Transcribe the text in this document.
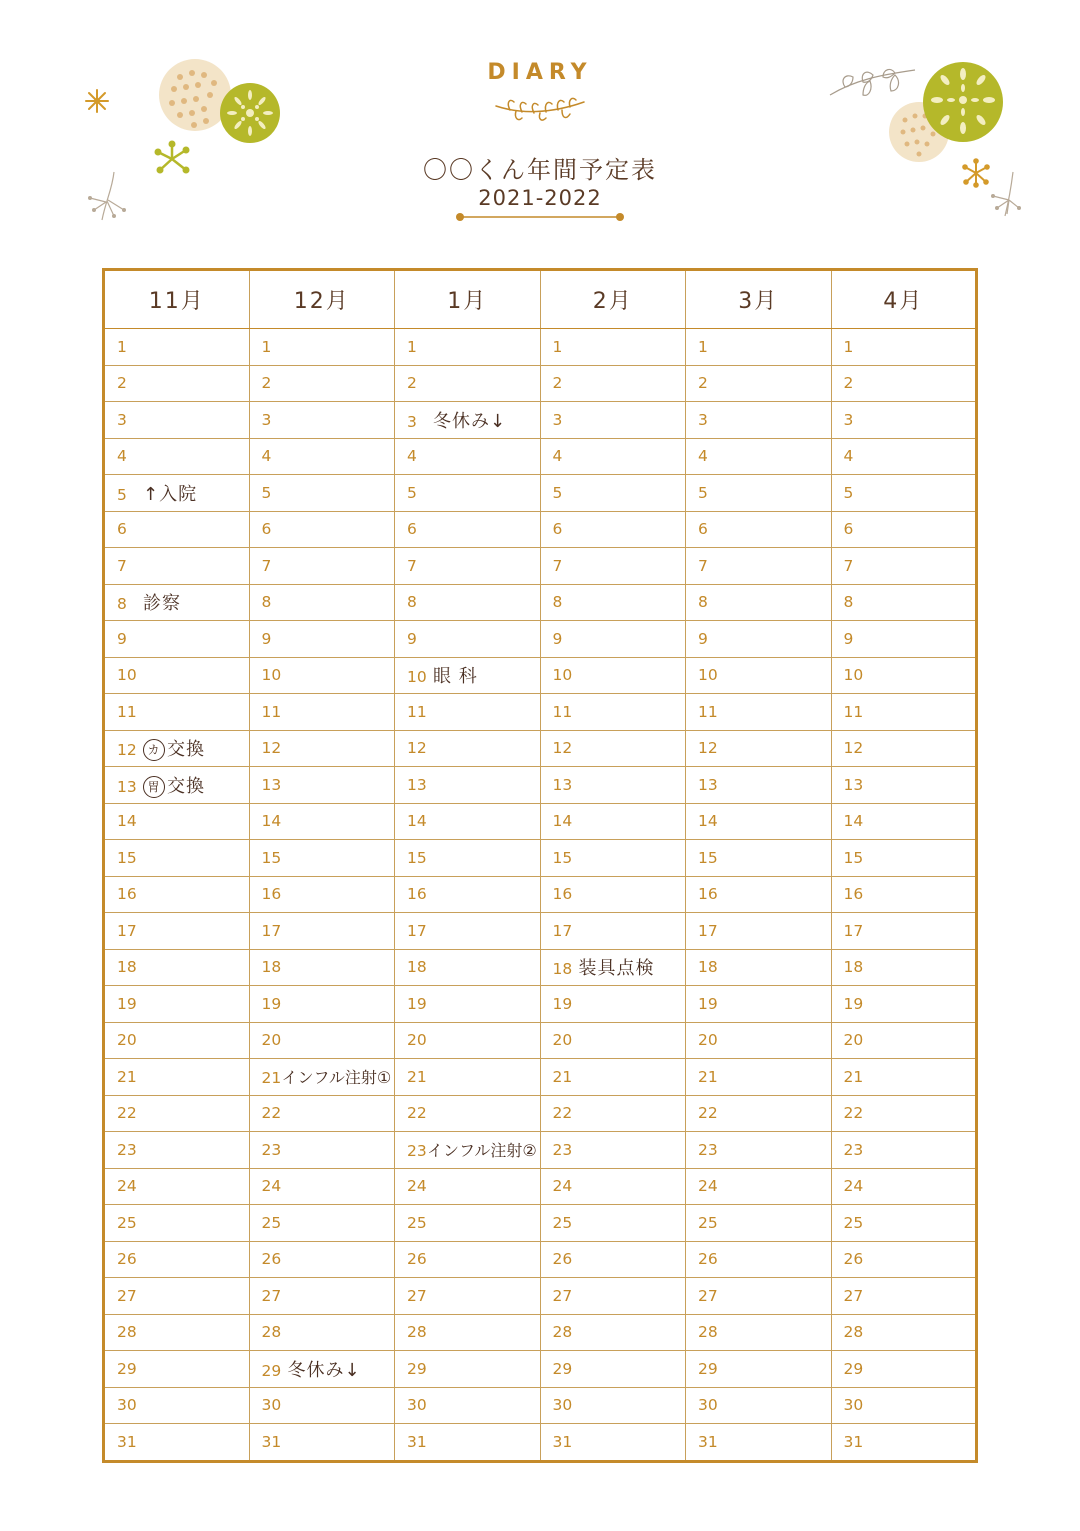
DIARY
〇〇くん年間予定表
2021-2022
11月	12月	1月	2月	3月	4月
1	1	1	1	1	1
2	2	2	2	2	2
3	3	3 冬休み↓	3	3	3
4	4	4	4	4	4
5 ↑入院	5	5	5	5	5
6	6	6	6	6	6
7	7	7	7	7	7
8 診察	8	8	8	8	8
9	9	9	9	9	9
10	10	10 眼 科	10	10	10
11	11	11	11	11	11
12 カ 交換	12	12	12	12	12
13 胃 交換	13	13	13	13	13
14	14	14	14	14	14
15	15	15	15	15	15
16	16	16	16	16	16
17	17	17	17	17	17
18	18	18	18 装具点検	18	18
19	19	19	19	19	19
20	20	20	20	20	20
21	21インフル注射①	21	21	21	21
22	22	22	22	22	22
23	23	23インフル注射②	23	23	23
24	24	24	24	24	24
25	25	25	25	25	25
26	26	26	26	26	26
27	27	27	27	27	27
28	28	28	28	28	28
29	29 冬休み↓	29	29	29	29
30	30	30	30	30	30
31	31	31	31	31	31
